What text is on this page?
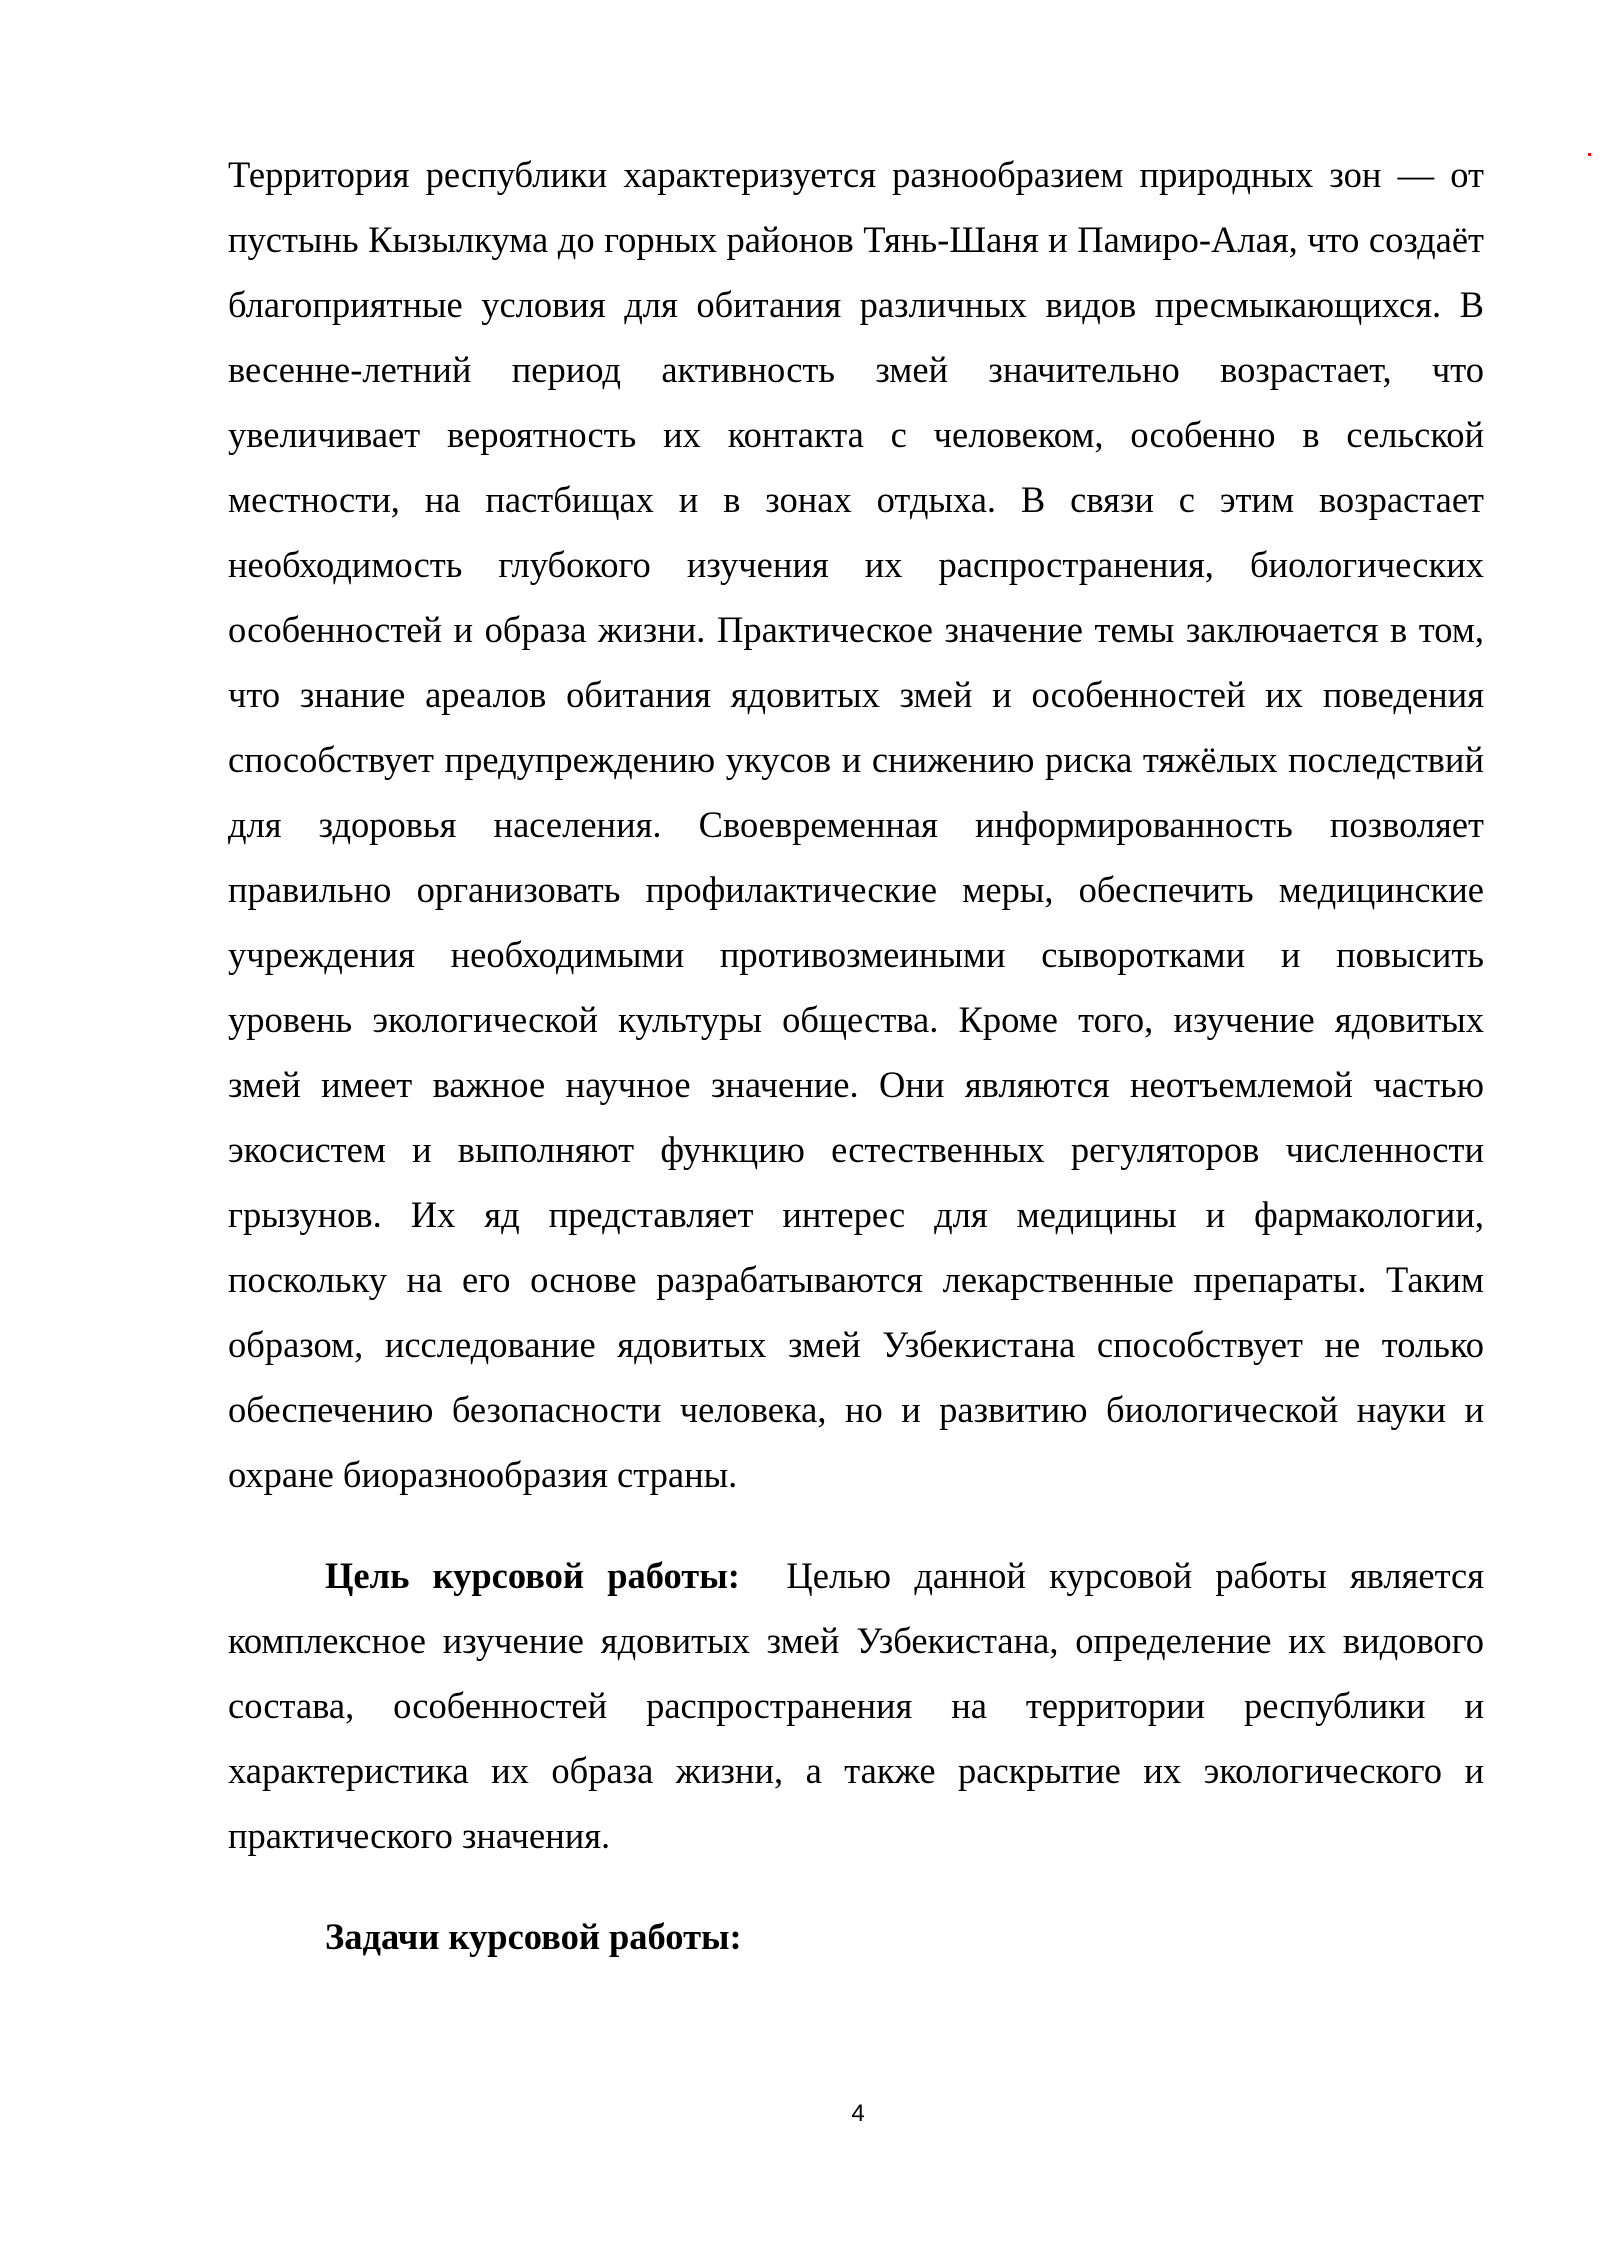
Территория республики характеризуется разнообразием природных зон — от пустынь Кызылкума до горных районов Тянь-Шаня и Памиро-Алая, что создаёт благоприятные условия для обитания различных видов пресмыкающихся. В весенне-летний период активность змей значительно возрастает, что увеличивает вероятность их контакта с человеком, особенно в сельской местности, на пастбищах и в зонах отдыха. В связи с этим возрастает необходимость глубокого изучения их распространения, биологических особенностей и образа жизни. Практическое значение темы заключается в том, что знание ареалов обитания ядовитых змей и особенностей их поведения способствует предупреждению укусов и снижению риска тяжёлых последствий для здоровья населения. Своевременная информированность позволяет правильно организовать профилактические меры, обеспечить медицинские учреждения необходимыми противозмеиными сыворотками и повысить уровень экологической культуры общества. Кроме того, изучение ядовитых змей имеет важное научное значение. Они являются неотъемлемой частью экосистем и выполняют функцию естественных регуляторов численности грызунов. Их яд представляет интерес для медицины и фармакологии, поскольку на его основе разрабатываются лекарственные препараты. Таким образом, исследование ядовитых змей Узбекистана способствует не только обеспечению безопасности человека, но и развитию биологической науки и охране биоразнообразия страны.

Цель курсовой работы: Целью данной курсовой работы является комплексное изучение ядовитых змей Узбекистана, определение их видового состава, особенностей распространения на территории республики и характеристика их образа жизни, а также раскрытие их экологического и практического значения.

Задачи курсовой работы:

4
